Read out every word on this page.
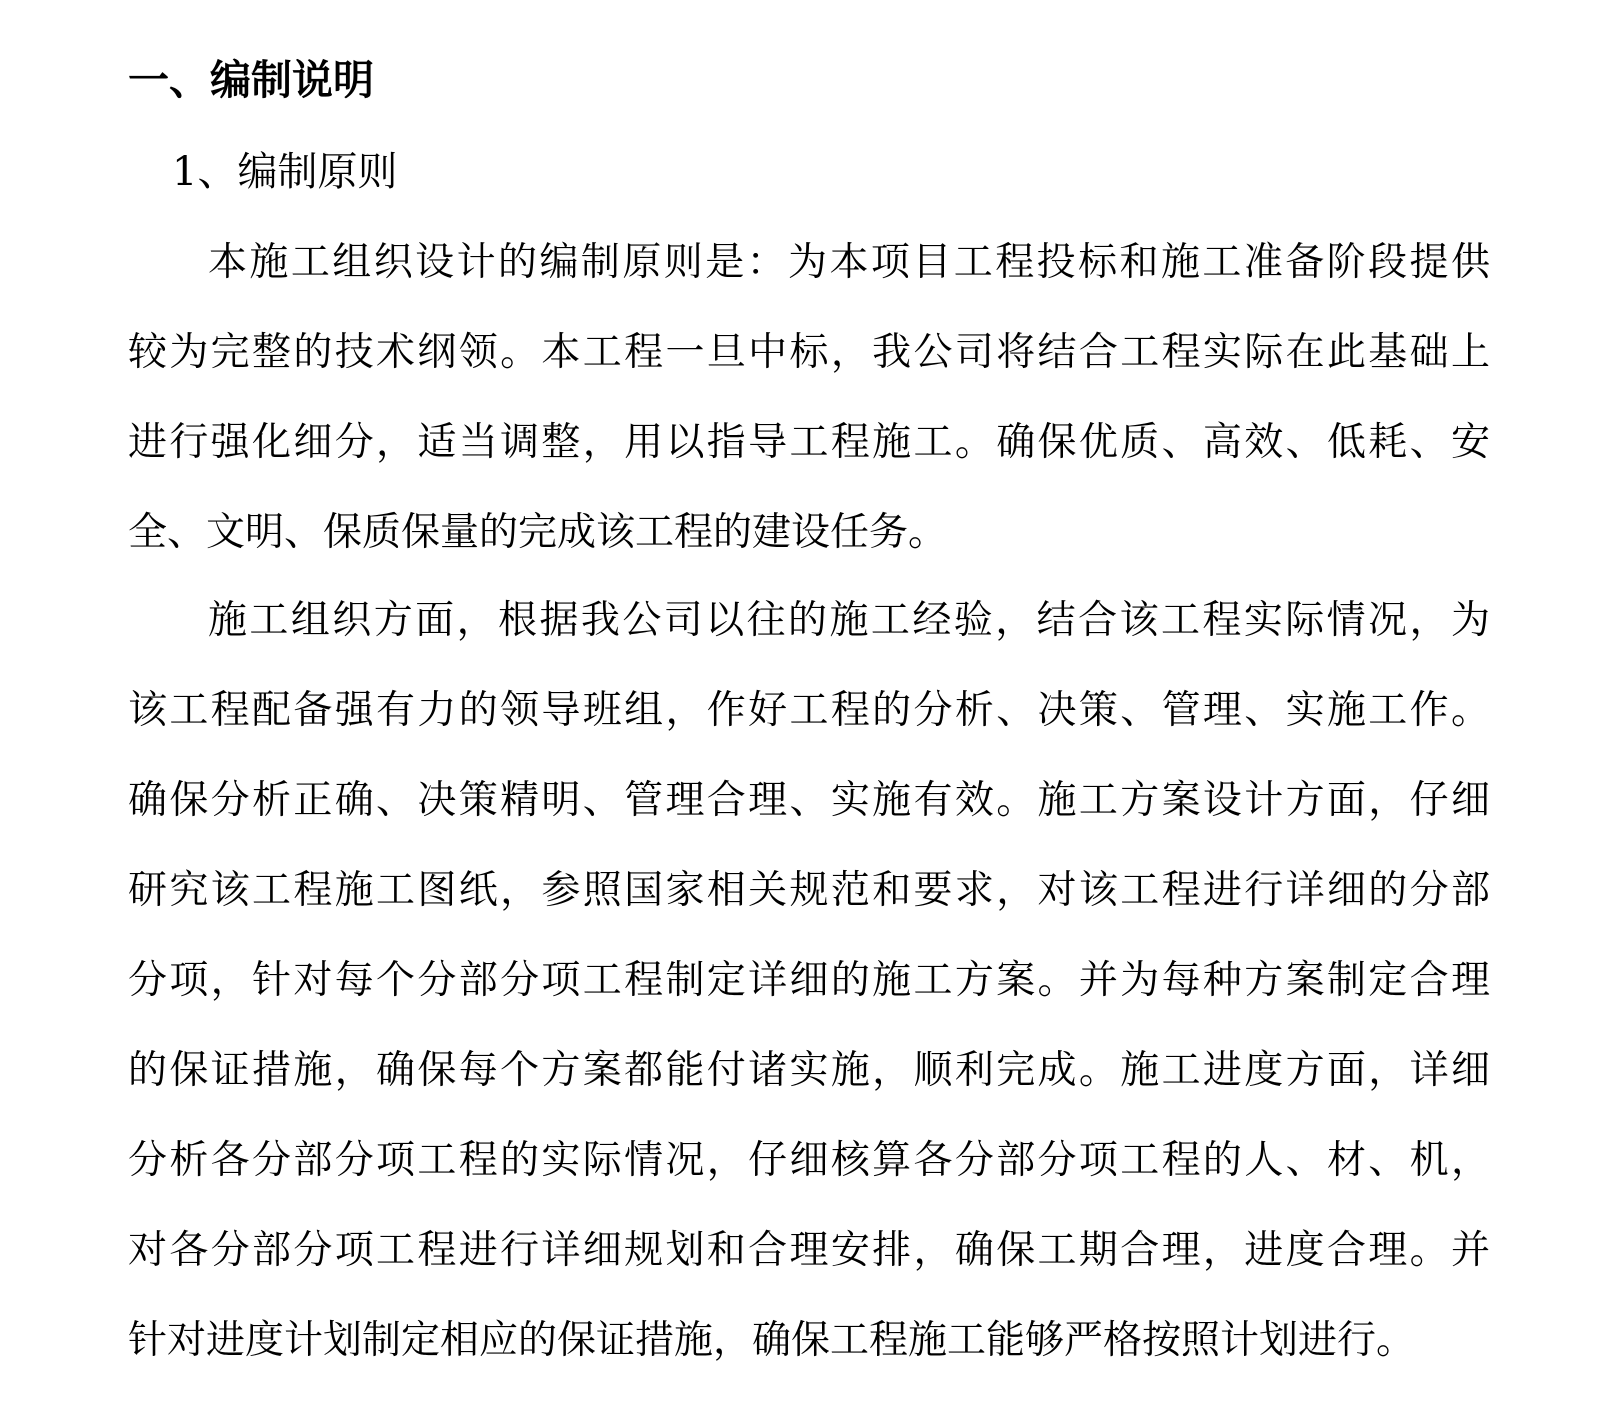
一、编制说明
1、编制原则

本施工组织设计的编制原则是：为本项目工程投标和施工准备阶段提供
较为完整的技术纲领。本工程一旦中标，我公司将结合工程实际在此基础上
进行强化细分，适当调整，用以指导工程施工。确保优质、高效、低耗、安
全、文明、保质保量的完成该工程的建设任务。

施工组织方面，根据我公司以往的施工经验，结合该工程实际情况，为
该工程配备强有力的领导班组，作好工程的分析、决策、管理、实施工作。
确保分析正确、决策精明、管理合理、实施有效。施工方案设计方面，仔细
研究该工程施工图纸，参照国家相关规范和要求，对该工程进行详细的分部
分项，针对每个分部分项工程制定详细的施工方案。并为每种方案制定合理
的保证措施，确保每个方案都能付诸实施，顺利完成。施工进度方面，详细
分析各分部分项工程的实际情况，仔细核算各分部分项工程的人、材、机，
对各分部分项工程进行详细规划和合理安排，确保工期合理，进度合理。并
针对进度计划制定相应的保证措施，确保工程施工能够严格按照计划进行。
